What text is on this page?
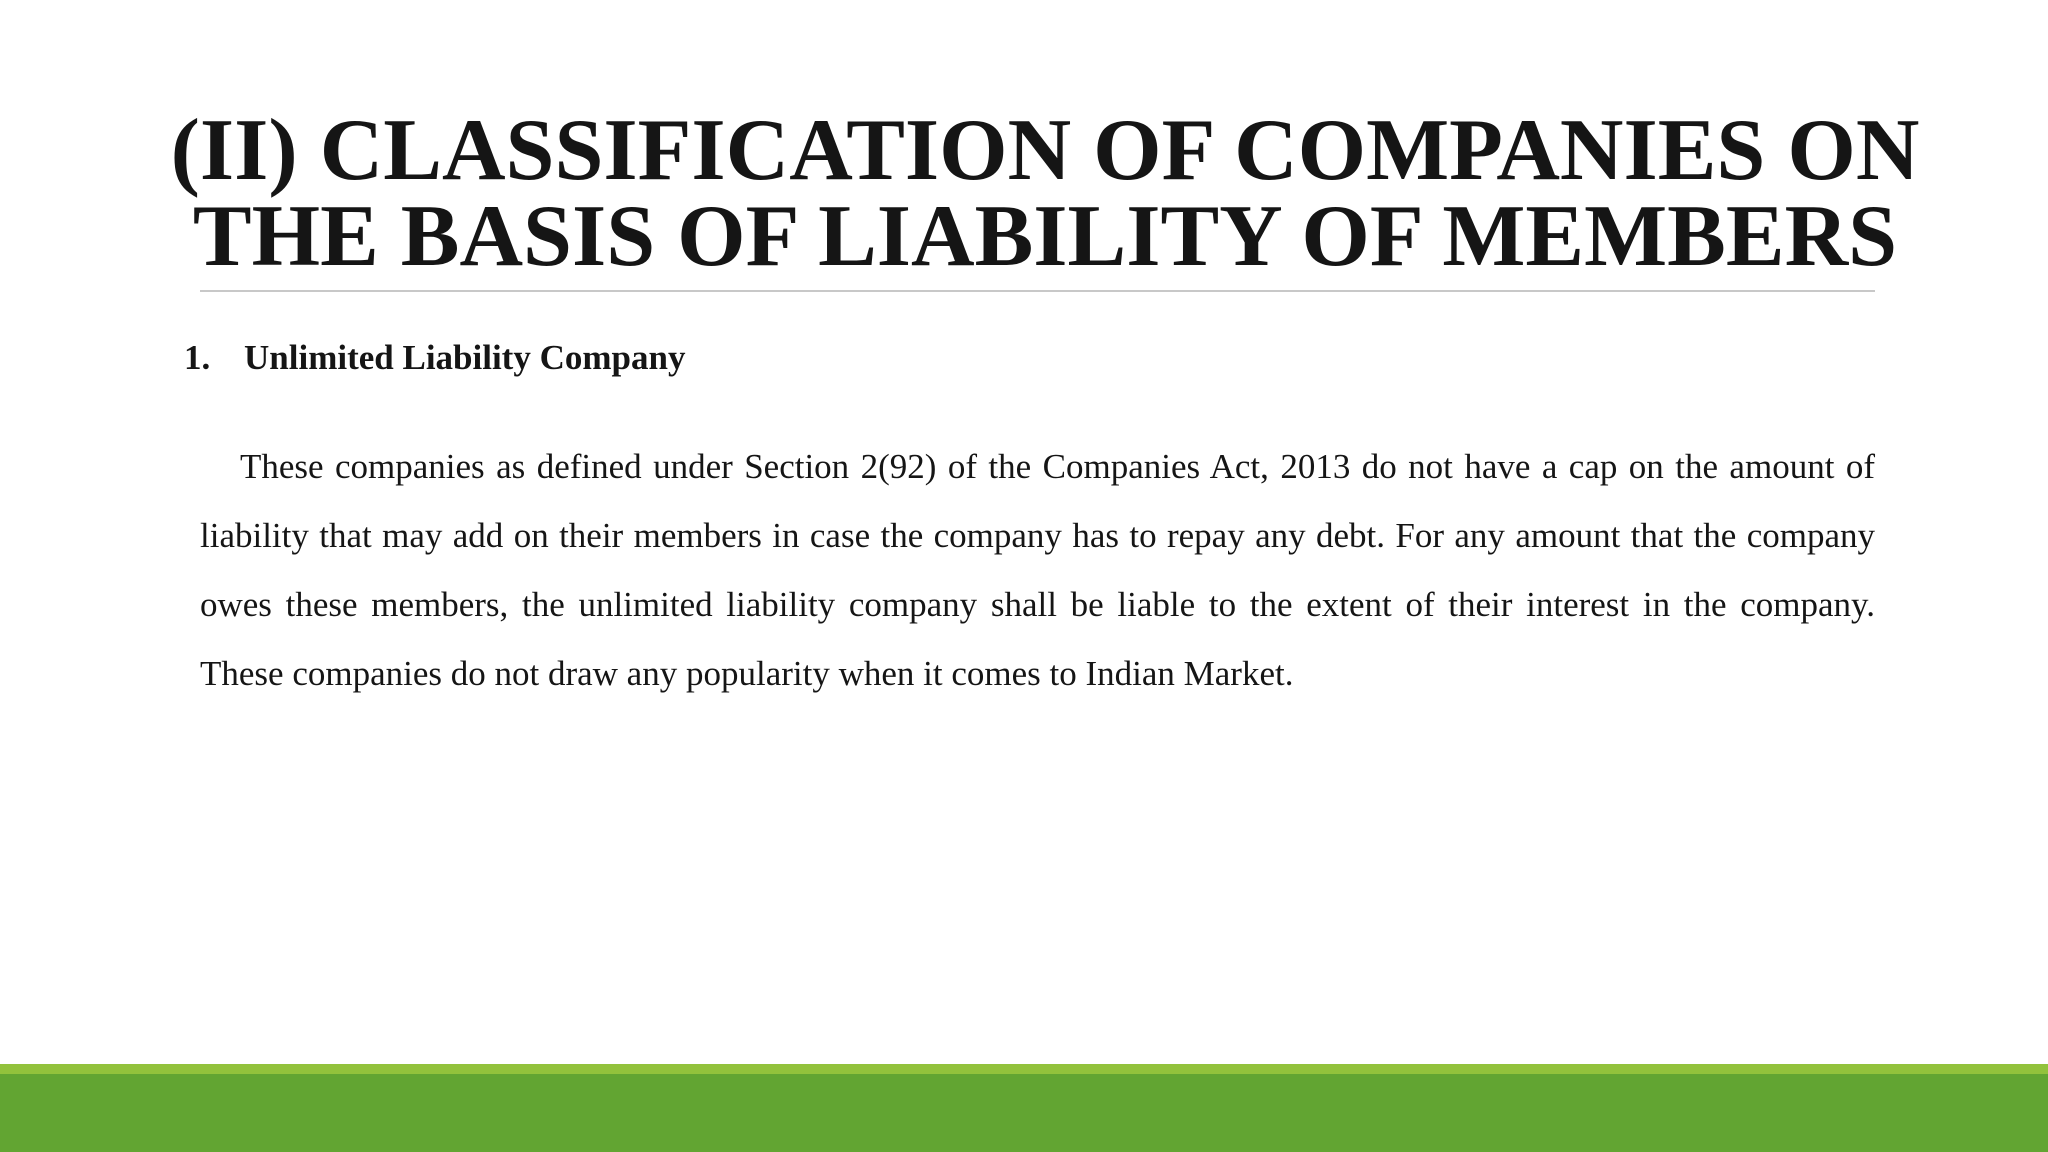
(II) CLASSIFICATION OF COMPANIES ON
THE BASIS OF LIABILITY OF MEMBERS
1. Unlimited Liability Company

These companies as defined under Section 2(92) of the Companies Act, 2013 do not have a cap on the amount of liability that may add on their members in case the company has to repay any debt. For any amount that the company owes these members, the unlimited liability company shall be liable to the extent of their interest in the company. These companies do not draw any popularity when it comes to Indian Market.
